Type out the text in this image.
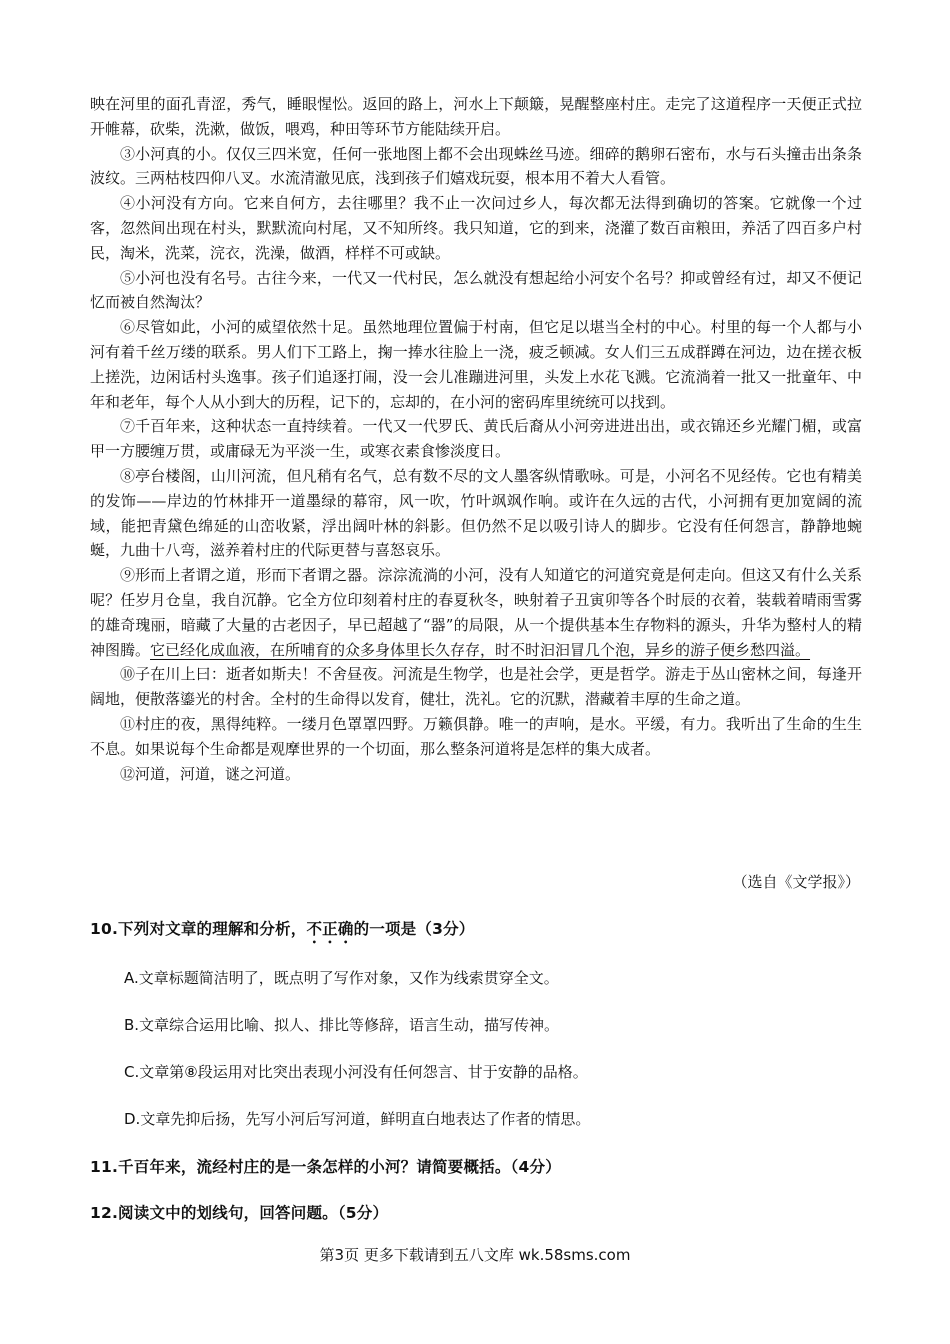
映在河里的面孔青涩，秀气，睡眼惺忪。返回的路上，河水上下颠簸，晃醒整座村庄。走完了这道程序一天便正式拉开帷幕，砍柴，洗漱，做饭，喂鸡，种田等环节方能陆续开启。

③小河真的小。仅仅三四米宽，任何一张地图上都不会出现蛛丝马迹。细碎的鹅卵石密布，水与石头撞击出条条波纹。三两枯枝四仰八叉。水流清澈见底，浅到孩子们嬉戏玩耍，根本用不着大人看管。

④小河没有方向。它来自何方，去往哪里？我不止一次问过乡人，每次都无法得到确切的答案。它就像一个过客，忽然间出现在村头，默默流向村尾，又不知所终。我只知道，它的到来，浇灌了数百亩粮田，养活了四百多户村民，淘米，洗菜，浣衣，洗澡，做酒，样样不可或缺。

⑤小河也没有名号。古往今来，一代又一代村民，怎么就没有想起给小河安个名号？抑或曾经有过，却又不便记忆而被自然淘汰？

⑥尽管如此，小河的威望依然十足。虽然地理位置偏于村南，但它足以堪当全村的中心。村里的每一个人都与小河有着千丝万缕的联系。男人们下工路上，掬一捧水往脸上一浇，疲乏顿减。女人们三五成群蹲在河边，边在搓衣板上搓洗，边闲话村头逸事。孩子们追逐打闹，没一会儿准蹦进河里，头发上水花飞溅。它流淌着一批又一批童年、中年和老年，每个人从小到大的历程，记下的，忘却的，在小河的密码库里统统可以找到。

⑦千百年来，这种状态一直持续着。一代又一代罗氏、黄氏后裔从小河旁进进出出，或衣锦还乡光耀门楣，或富甲一方腰缠万贯，或庸碌无为平淡一生，或寒衣素食惨淡度日。

⑧亭台楼阁，山川河流，但凡稍有名气，总有数不尽的文人墨客纵情歌咏。可是，小河名不见经传。它也有精美的发饰——岸边的竹林排开一道墨绿的幕帘，风一吹，竹叶飒飒作响。或许在久远的古代，小河拥有更加宽阔的流域，能把青黛色绵延的山峦收紧，浮出阔叶林的斜影。但仍然不足以吸引诗人的脚步。它没有任何怨言，静静地蜿蜒，九曲十八弯，滋养着村庄的代际更替与喜怒哀乐。

⑨形而上者谓之道，形而下者谓之器。淙淙流淌的小河，没有人知道它的河道究竟是何走向。但这又有什么关系呢？任岁月仓皇，我自沉静。它全方位印刻着村庄的春夏秋冬，映射着子丑寅卯等各个时辰的衣着，装载着晴雨雪雾的雄奇瑰丽，暗藏了大量的古老因子，早已超越了“器”的局限，从一个提供基本生存物料的源头，升华为整村人的精神图腾。它已经化成血液，在所哺育的众多身体里长久存存，时不时汩汩冒几个泡，异乡的游子便乡愁四溢。

⑩子在川上曰：逝者如斯夫！不舍昼夜。河流是生物学，也是社会学，更是哲学。游走于丛山密林之间，每逢开阔地，便散落鎏光的村舍。全村的生命得以发育，健壮，洗礼。它的沉默，潜藏着丰厚的生命之道。

⑪村庄的夜，黑得纯粹。一缕月色罩罩四野。万籁俱静。唯一的声响，是水。平缓，有力。我听出了生命的生生不息。如果说每个生命都是观摩世界的一个切面，那么整条河道将是怎样的集大成者。

⑫河道，河道，谜之河道。

（选自《文学报》）
10.下列对文章的理解和分析，不正确的一项是（3分）
A.文章标题简洁明了，既点明了写作对象，又作为线索贯穿全文。
B.文章综合运用比喻、拟人、排比等修辞，语言生动，描写传神。
C.文章第⑧段运用对比突出表现小河没有任何怨言、甘于安静的品格。
D.文章先抑后扬，先写小河后写河道，鲜明直白地表达了作者的情思。
11.千百年来，流经村庄的是一条怎样的小河？请简要概括。（4分）
12.阅读文中的划线句，回答问题。（5分）
第3页 更多下载请到五八文库 wk.58sms.com
